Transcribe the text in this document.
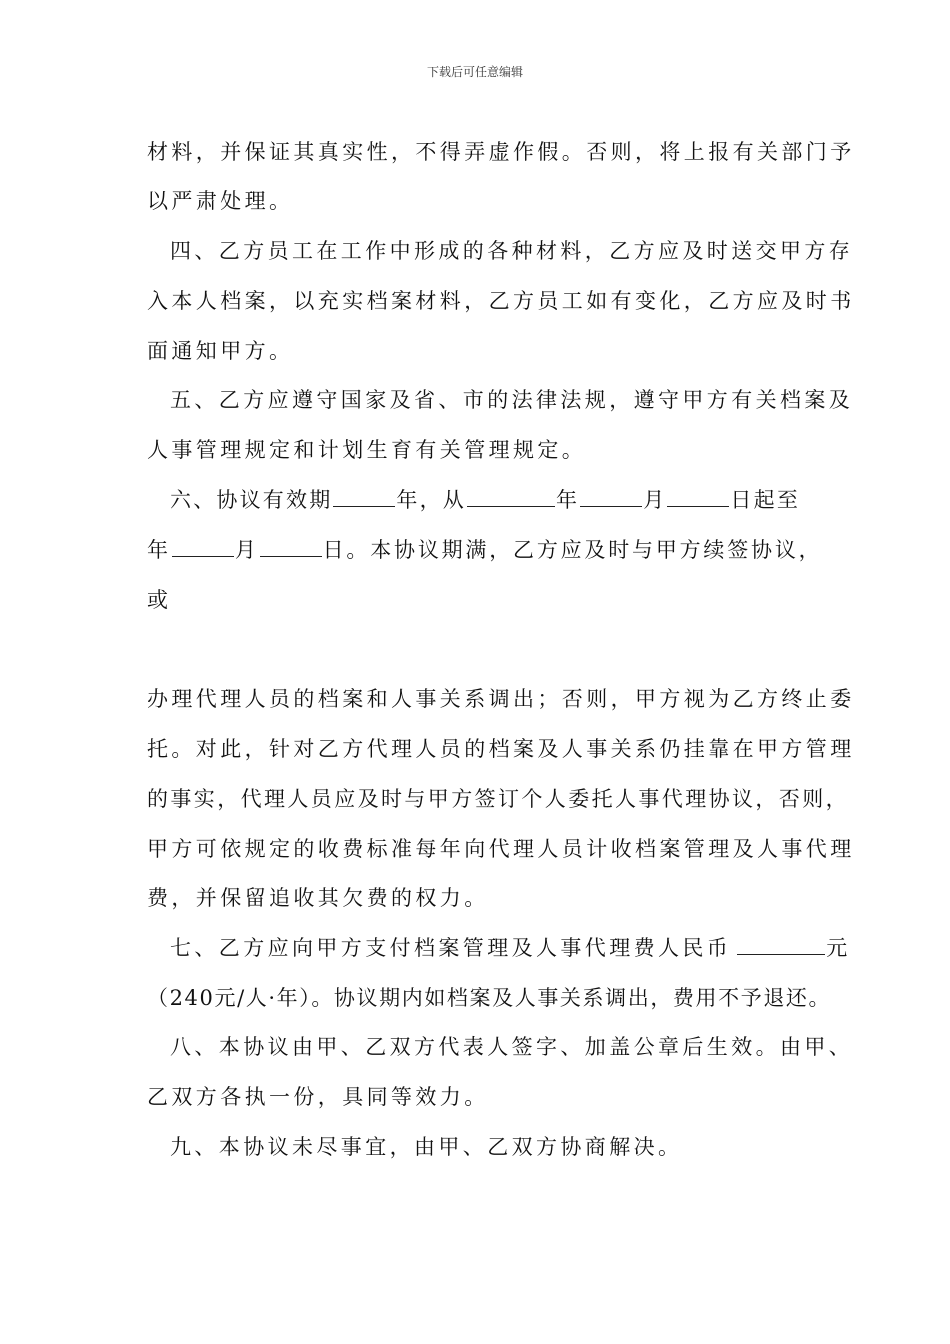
下载后可任意编辑
材料，并保证其真实性，不得弄虚作假。否则，将上报有关部门予
以严肃处理。
四、乙方员工在工作中形成的各种材料，乙方应及时送交甲方存
入本人档案，以充实档案材料，乙方员工如有变化，乙方应及时书
面通知甲方。
五、乙方应遵守国家及省、市的法律法规，遵守甲方有关档案及
人事管理规定和计划生育有关管理规定。
六、协议有效期	年，从	年	月	日起至
年	月	日。本协议期满，乙方应及时与甲方续签协议，
或
办理代理人员的档案和人事关系调出；否则，甲方视为乙方终止委
托。对此，针对乙方代理人员的档案及人事关系仍挂靠在甲方管理
的事实，代理人员应及时与甲方签订个人委托人事代理协议，否则，
甲方可依规定的收费标准每年向代理人员计收档案管理及人事代理
费，并保留追收其欠费的权力。
七、乙方应向甲方支付档案管理及人事代理费人民币	元
（240元/人·年）。协议期内如档案及人事关系调出，费用不予退还。
八、本协议由甲、乙双方代表人签字、加盖公章后生效。由甲、
乙双方各执一份，具同等效力。
九、本协议未尽事宜，由甲、乙双方协商解决。
